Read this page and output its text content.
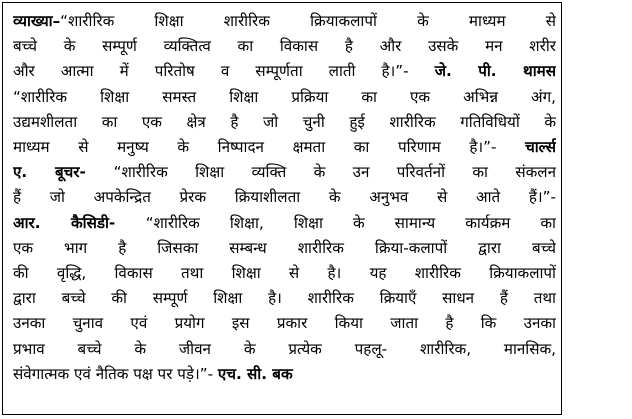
व्याख्या–“शारीरिक शिक्षा शारीरिक क्रियाकलापों के माध्यम से
बच्चे के सम्पूर्ण व्यक्तित्व का विकास है और उसके मन शरीर
और आत्मा में परितोष व सम्पूर्णता लाती है।”- जे. पी. थामस
“शारीरिक शिक्षा समस्त शिक्षा प्रक्रिया का एक अभिन्न अंग,
उद्यमशीलता का एक क्षेत्र है जो चुनी हुई शारीरिक गतिविधियों के
माध्यम से मनुष्य के निष्पादन क्षमता का परिणाम है।”- चार्ल्स
ए. बूचर- “शारीरिक शिक्षा व्यक्ति के उन परिवर्तनों का संकलन
हैं जो अपकेन्द्रित प्रेरक क्रियाशीलता के अनुभव से आते हैं।”-
आर. कैसिडी- “शारीरिक शिक्षा, शिक्षा के सामान्य कार्यक्रम का
एक भाग है जिसका सम्बन्ध शारीरिक क्रिया-कलापों द्वारा बच्चे
की वृद्धि, विकास तथा शिक्षा से है। यह शारीरिक क्रियाकलापों
द्वारा बच्चे की सम्पूर्ण शिक्षा है। शारीरिक क्रियाएँ साधन हैं तथा
उनका चुनाव एवं प्रयोग इस प्रकार किया जाता है कि उनका
प्रभाव बच्चे के जीवन के प्रत्येक पहलू- शारीरिक, मानसिक,
संवेगात्मक एवं नैतिक पक्ष पर पड़े।”- एच. सी. बक
